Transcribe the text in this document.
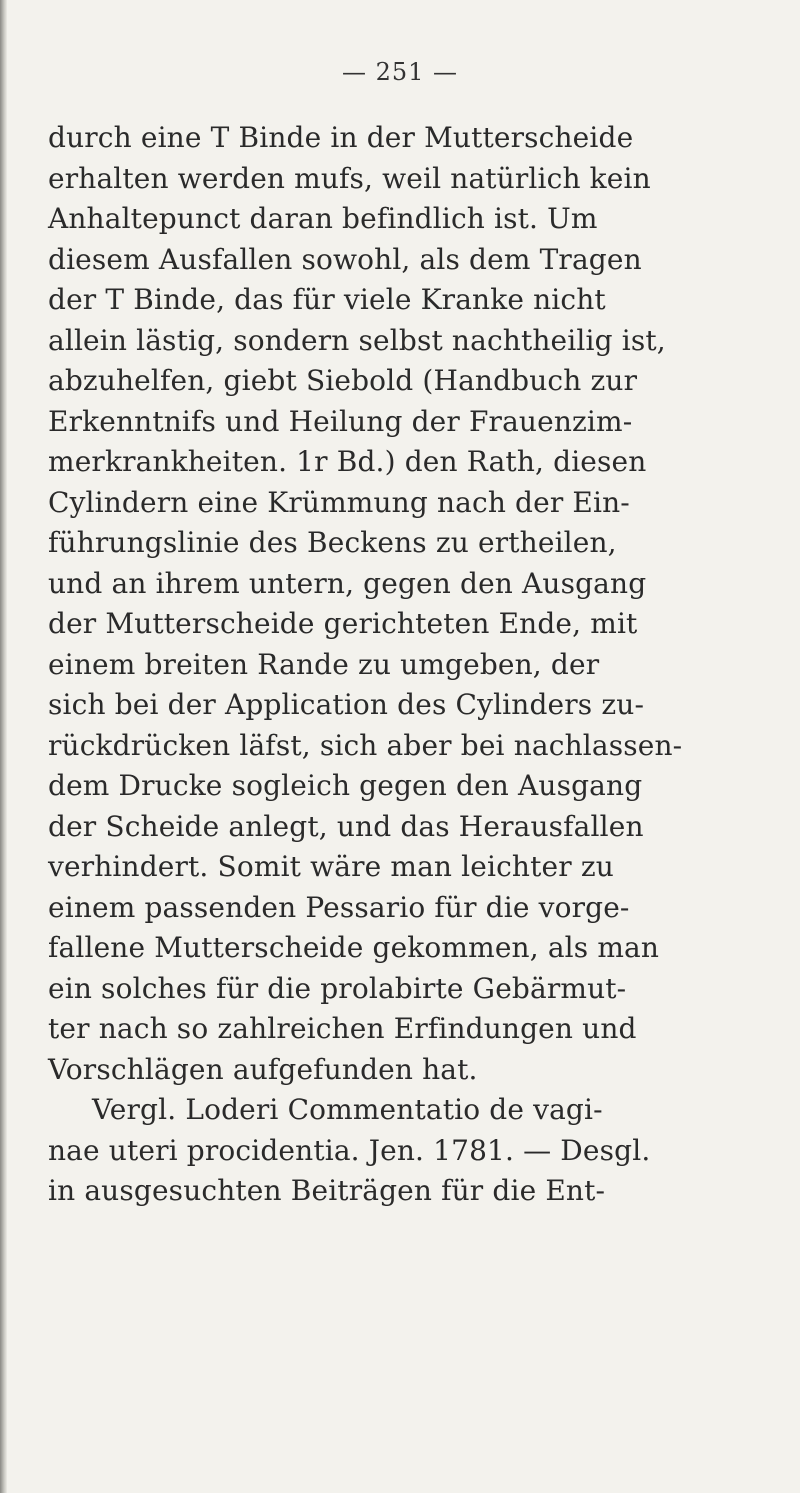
— 251 —
durch eine T Binde in der Mutterscheide
erhalten werden mufs, weil natürlich kein
Anhaltepunct daran befindlich ist. Um
diesem Ausfallen sowohl, als dem Tragen
der T Binde, das für viele Kranke nicht
allein lästig, sondern selbst nachtheilig ist,
abzuhelfen, giebt Siebold (Handbuch zur
Erkenntnifs und Heilung der Frauenzim-
merkrankheiten. 1r Bd.) den Rath, diesen
Cylindern eine Krümmung nach der Ein-
führungslinie des Beckens zu ertheilen,
und an ihrem untern, gegen den Ausgang
der Mutterscheide gerichteten Ende, mit
einem breiten Rande zu umgeben, der
sich bei der Application des Cylinders zu-
rückdrücken läfst, sich aber bei nachlassen-
dem Drucke sogleich gegen den Ausgang
der Scheide anlegt, und das Herausfallen
verhindert. Somit wäre man leichter zu
einem passenden Pessario für die vorge-
fallene Mutterscheide gekommen, als man
ein solches für die prolabirte Gebärmut-
ter nach so zahlreichen Erfindungen und
Vorschlägen aufgefunden hat.
Vergl. Loderi Commentatio de vagi-
nae uteri procidentia. Jen. 1781. — Desgl.
in ausgesuchten Beiträgen für die Ent-
